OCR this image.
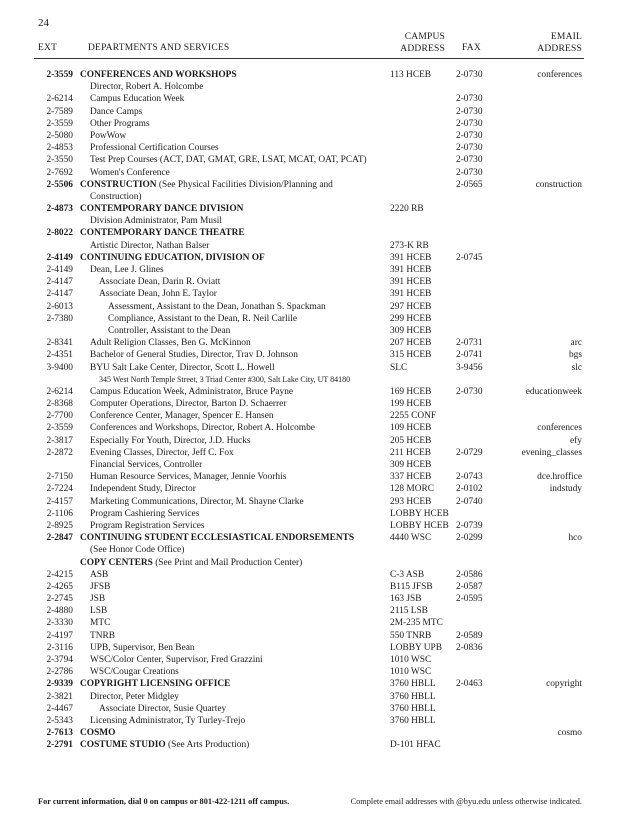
24
EXT	DEPARTMENTS AND SERVICES
CAMPUS
ADDRESS FAX
EMAIL
ADDRESS
2-3559 CONFERENCES AND WORKSHOPS	113 HCEB	2-0730	conferences
Director, Robert A. Holcombe
2-6214 Campus Education Week	2-0730
2-7589 Dance Camps	2-0730
2-3559 Other Programs	2-0730
2-5080 PowWow	2-0730
2-4853 Professional Certification Courses	2-0730
2-3550 Test Prep Courses (ACT, DAT, GMAT, GRE, LSAT, MCAT, OAT, PCAT)	2-0730
2-7692 Women's Conference	2-0730
2-5506 CONSTRUCTION (See Physical Facilities Division/Planning and	2-0565	construction
Construction)
2-4873 CONTEMPORARY DANCE DIVISION	2220 RB
Division Administrator, Pam Musil
2-8022 CONTEMPORARY DANCE THEATRE
Artistic Director, Nathan Balser	273-K RB
2-4149 CONTINUING EDUCATION, DIVISION OF	391 HCEB	2-0745
2-4149 Dean, Lee J. Glines	391 HCEB
2-4147	Associate Dean, Darin R. Oviatt	391 HCEB
2-4147	Associate Dean, John E. Taylor	391 HCEB
2-6013	Assessment, Assistant to the Dean, Jonathan S. Spackman	297 HCEB
2-7380	Compliance, Assistant to the Dean, R. Neil Carlile	299 HCEB
Controller, Assistant to the Dean	309 HCEB
2-8341 Adult Religion Classes, Ben G. McKinnon	207 HCEB	2-0731	arc
2-4351 Bachelor of General Studies, Director, Trav D. Johnson	315 HCEB	2-0741	bgs
3-9400 BYU Salt Lake Center, Director, Scott L. Howell	SLC	3-9456	slc
345 West North Temple Street, 3 Triad Center #300, Salt Lake City, UT 84180
2-6214 Campus Education Week, Administrator, Bruce Payne	169 HCEB	2-0730	educationweek
2-8368 Computer Operations, Director, Barton D. Schaerrer	199 HCEB
2-7700 Conference Center, Manager, Spencer E. Hansen	2255 CONF
2-3559 Conferences and Workshops, Director, Robert A. Holcombe	109 HCEB	conferences
2-3817 Especially For Youth, Director, J.D. Hucks	205 HCEB	efy
2-2872 Evening Classes, Director, Jeff C. Fox	211 HCEB	2-0729	evening_classes
Financial Services, Controller	309 HCEB
2-7150 Human Resource Services, Manager, Jennie Voorhis	337 HCEB	2-0743	dce.hroffice
2-7224 Independent Study, Director	128 MORC 2-0102	indstudy
2-4157 Marketing Communications, Director, M. Shayne Clarke	293 HCEB	2-0740
2-1106 Program Cashiering Services	LOBBY HCEB
2-8925 Program Registration Services	LOBBY HCEB 2-0739
2-2847 CONTINUING STUDENT ECCLESIASTICAL ENDORSEMENTS	4440 WSC	2-0299	hco
(See Honor Code Office)
COPY CENTERS (See Print and Mail Production Center)
2-4215 ASB	C-3 ASB	2-0586
2-4265 JFSB	B115 JFSB 2-0587
2-2745 JSB	163 JSB	2-0595
2-4880 LSB	2115 LSB
2-3330 MTC	2M-235 MTC
2-4197 TNRB	550 TNRB	2-0589
2-3116 UPB, Supervisor, Ben Bean	LOBBY UPB 2-0836
2-3794 WSC/Color Center, Supervisor, Fred Grazzini	1010 WSC
2-2786 WSC/Cougar Creations	1010 WSC
2-9339 COPYRIGHT LICENSING OFFICE	3760 HBLL 2-0463	copyright
2-3821 Director, Peter Midgley	3760 HBLL
2-4467	Associate Director, Susie Quartey	3760 HBLL
2-5343 Licensing Administrator, Ty Turley-Trejo	3760 HBLL
2-7613 COSMO	cosmo
2-2791 COSTUME STUDIO (See Arts Production)	D-101 HFAC
For current information, dial 0 on campus or 801-422-1211 off campus.	Complete email addresses with @byu.edu unless otherwise indicated.
